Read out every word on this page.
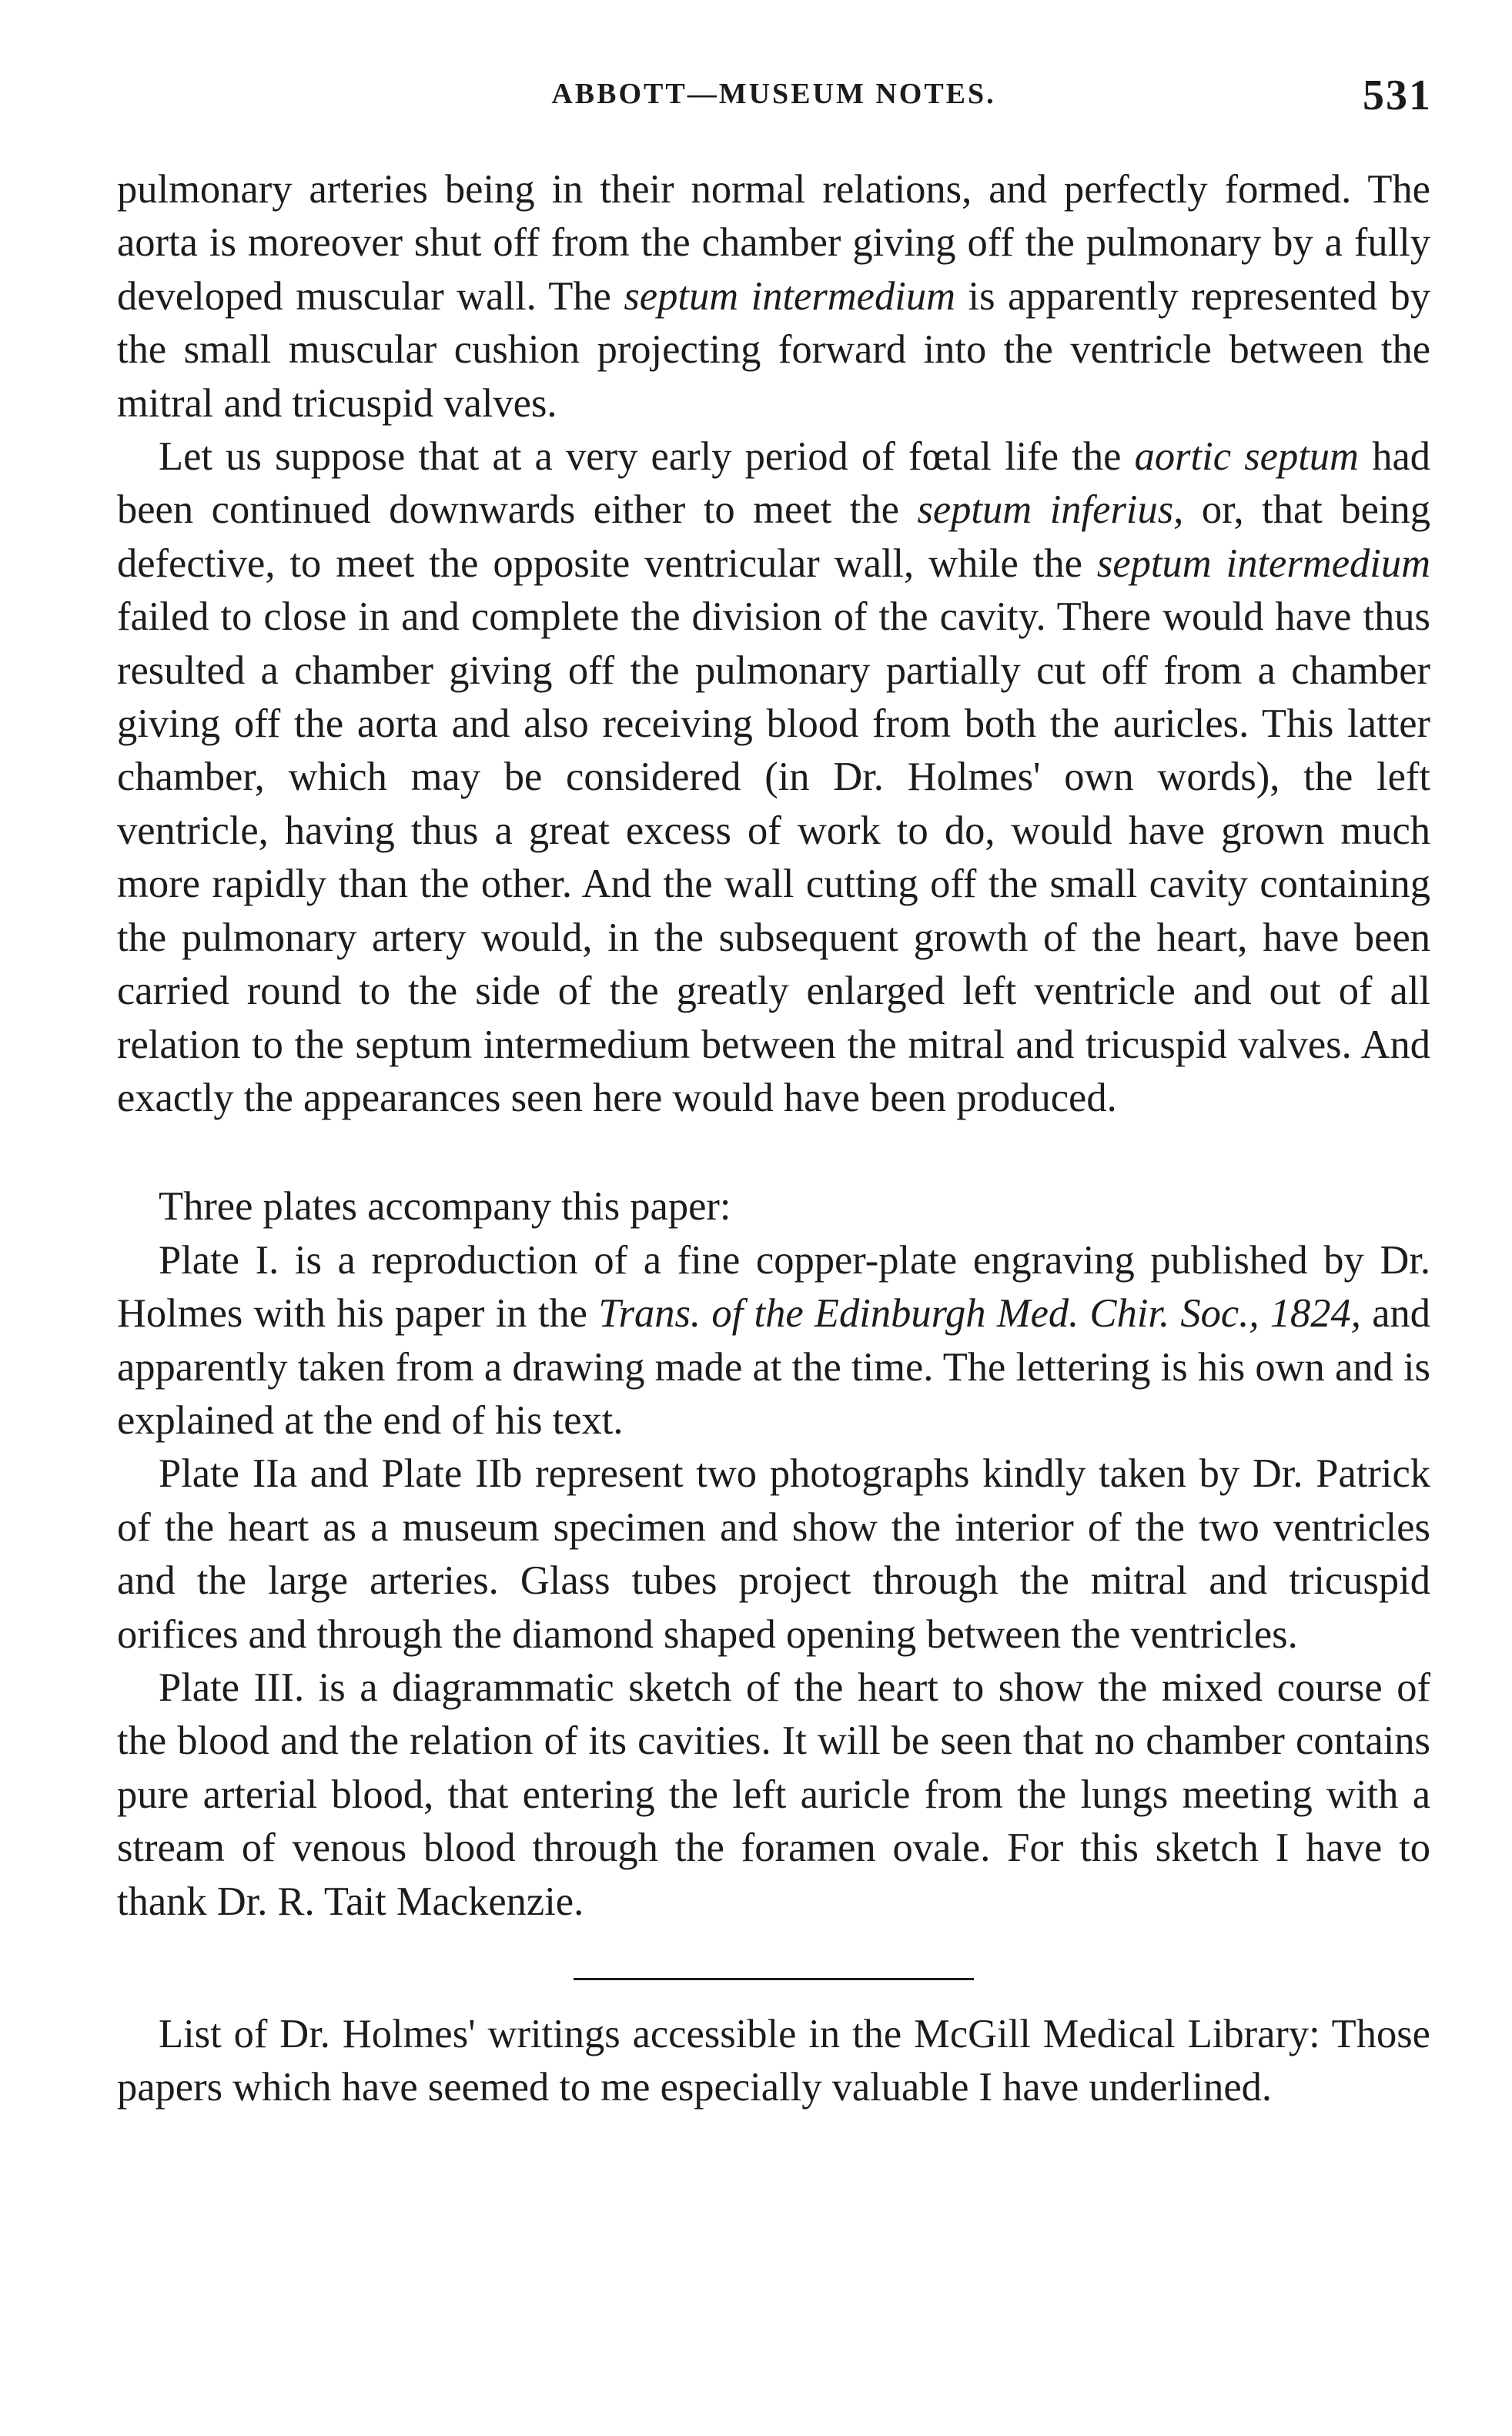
ABBOTT—MUSEUM NOTES.	531

pulmonary arteries being in their normal relations, and perfectly formed. The aorta is moreover shut off from the chamber giving off the pulmonary by a fully developed muscular wall. The septum intermedium is apparently represented by the small muscular cushion projecting forward into the ventricle between the mitral and tricuspid valves.

Let us suppose that at a very early period of fœtal life the aortic septum had been continued downwards either to meet the septum inferius, or, that being defective, to meet the opposite ventricular wall, while the septum intermedium failed to close in and complete the division of the cavity. There would have thus resulted a chamber giving off the pulmonary partially cut off from a chamber giving off the aorta and also receiving blood from both the auricles. This latter chamber, which may be considered (in Dr. Holmes' own words), the left ventricle, having thus a great excess of work to do, would have grown much more rapidly than the other. And the wall cutting off the small cavity containing the pulmonary artery would, in the subsequent growth of the heart, have been carried round to the side of the greatly enlarged left ventricle and out of all relation to the septum intermedium between the mitral and tricuspid valves. And exactly the appearances seen here would have been produced.

Three plates accompany this paper:

Plate I. is a reproduction of a fine copper-plate engraving published by Dr. Holmes with his paper in the Trans. of the Edinburgh Med. Chir. Soc., 1824, and apparently taken from a drawing made at the time. The lettering is his own and is explained at the end of his text.

Plate IIa and Plate IIb represent two photographs kindly taken by Dr. Patrick of the heart as a museum specimen and show the interior of the two ventricles and the large arteries. Glass tubes project through the mitral and tricuspid orifices and through the diamond shaped opening between the ventricles.

Plate III. is a diagrammatic sketch of the heart to show the mixed course of the blood and the relation of its cavities. It will be seen that no chamber contains pure arterial blood, that entering the left auricle from the lungs meeting with a stream of venous blood through the foramen ovale. For this sketch I have to thank Dr. R. Tait Mackenzie.

List of Dr. Holmes' writings accessible in the McGill Medical Library: Those papers which have seemed to me especially valuable I have underlined.
